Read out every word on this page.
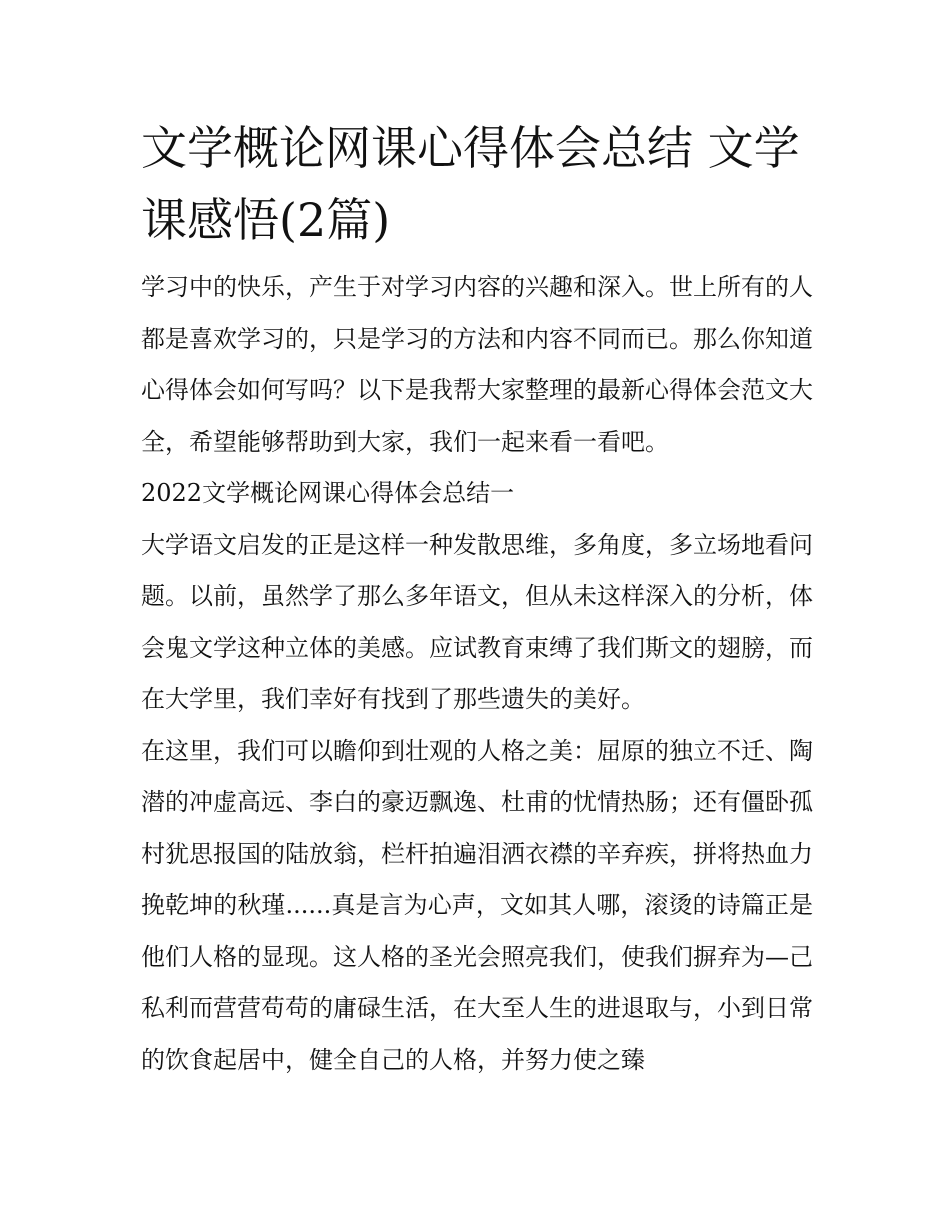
文学概论网课心得体会总结 文学课感悟(2篇)

学习中的快乐，产生于对学习内容的兴趣和深入。世上所有的人都是喜欢学习的，只是学习的方法和内容不同而已。那么你知道心得体会如何写吗？以下是我帮大家整理的最新心得体会范文大全，希望能够帮助到大家，我们一起来看一看吧。

2022文学概论网课心得体会总结一

大学语文启发的正是这样一种发散思维，多角度，多立场地看问题。以前，虽然学了那么多年语文，但从未这样深入的分析，体会鬼文学这种立体的美感。应试教育束缚了我们斯文的翅膀，而在大学里，我们幸好有找到了那些遗失的美好。

在这里，我们可以瞻仰到壮观的人格之美：屈原的独立不迁、陶潜的冲虚高远、李白的豪迈飘逸、杜甫的忧情热肠；还有僵卧孤村犹思报国的陆放翁，栏杆拍遍泪洒衣襟的辛弃疾，拼将热血力挽乾坤的秋瑾......真是言为心声，文如其人哪，滚烫的诗篇正是他们人格的显现。这人格的圣光会照亮我们，使我们摒弃为—己私利而营营苟苟的庸碌生活，在大至人生的进退取与，小到日常的饮食起居中，健全自己的人格，并努力使之臻
